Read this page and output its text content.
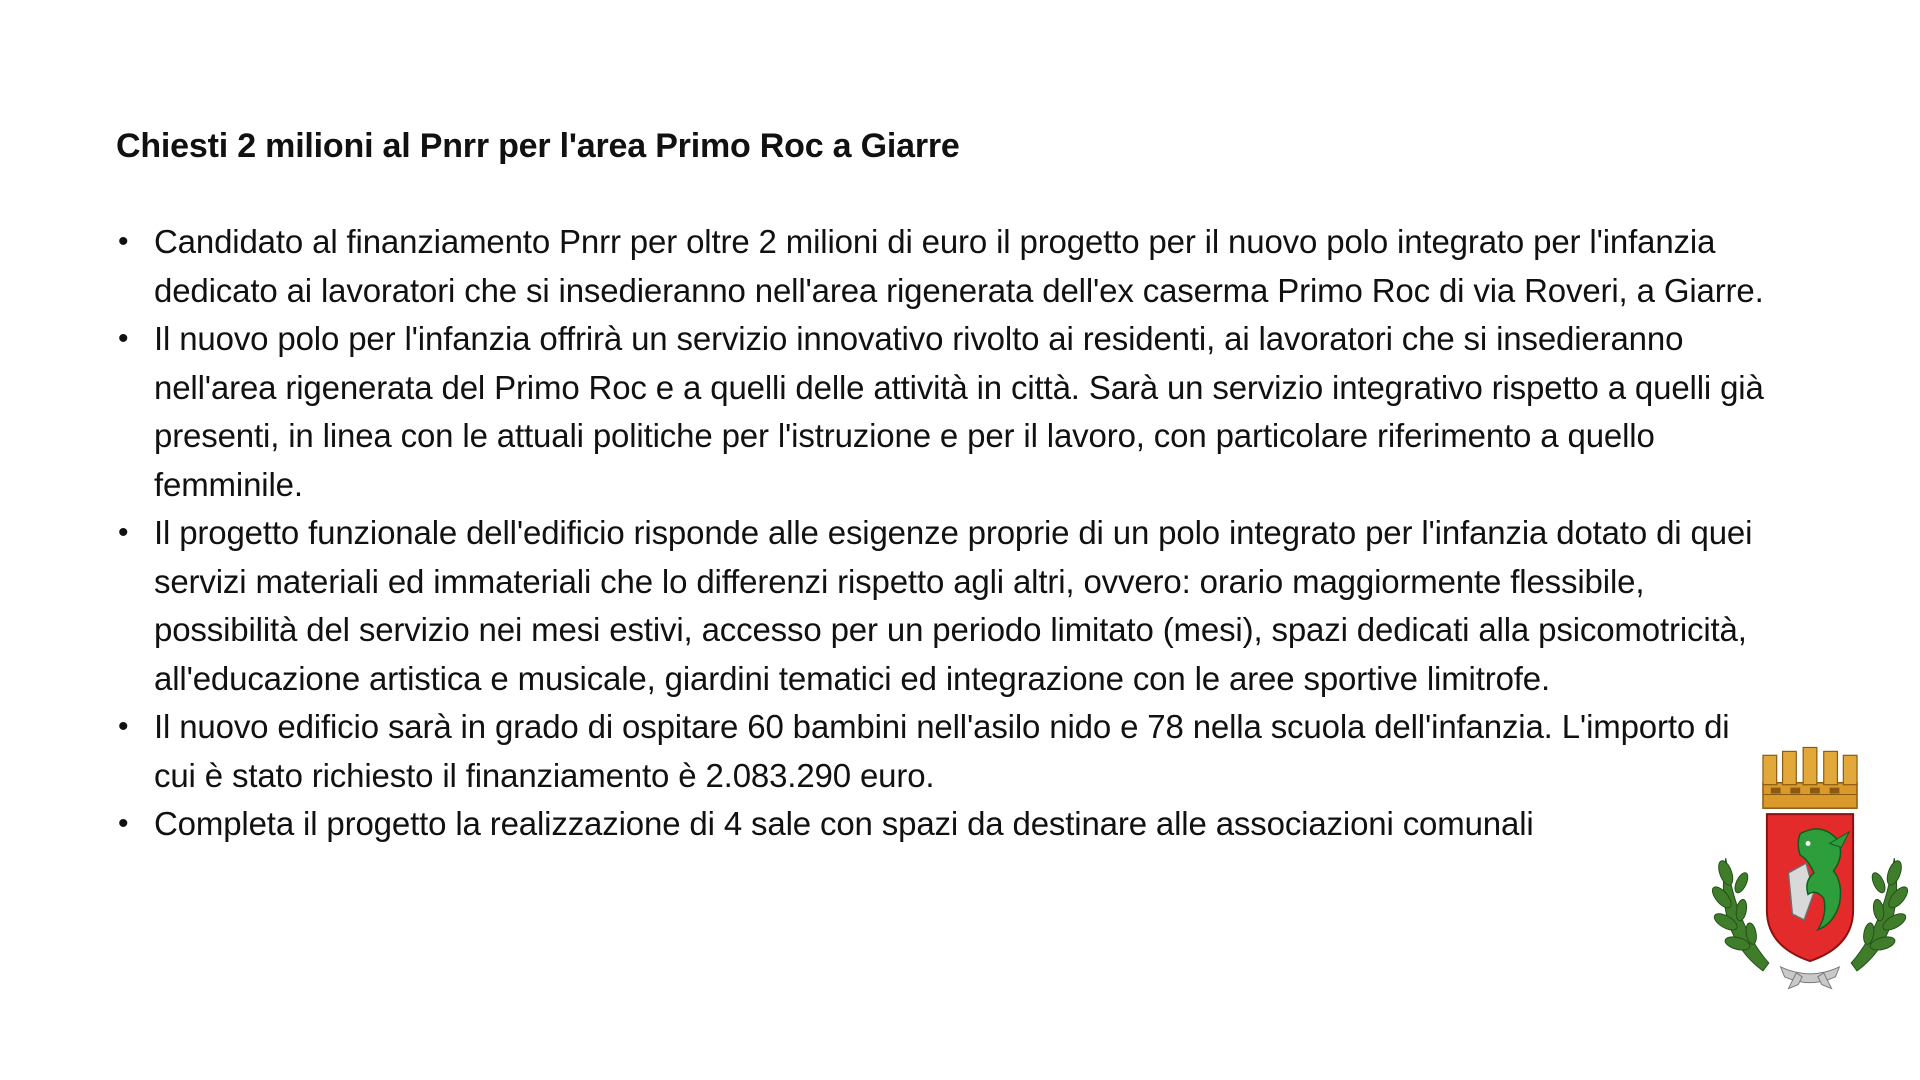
Chiesti 2 milioni al Pnrr per l'area Primo Roc a Giarre
• Candidato al finanziamento Pnrr per oltre 2 milioni di euro il progetto per il nuovo polo integrato per l'infanzia dedicato ai lavoratori che si insedieranno nell'area rigenerata dell'ex caserma Primo Roc di via Roveri, a Giarre.
• Il nuovo polo per l'infanzia offrirà un servizio innovativo rivolto ai residenti, ai lavoratori che si insedieranno nell'area rigenerata del Primo Roc e a quelli delle attività in città. Sarà un servizio integrativo rispetto a quelli già presenti, in linea con le attuali politiche per l'istruzione e per il lavoro, con particolare riferimento a quello femminile.
• Il progetto funzionale dell'edificio risponde alle esigenze proprie di un polo integrato per l'infanzia dotato di quei servizi materiali ed immateriali che lo differenzi rispetto agli altri, ovvero: orario maggiormente flessibile, possibilità del servizio nei mesi estivi, accesso per un periodo limitato (mesi), spazi dedicati alla psicomotricità, all'educazione artistica e musicale, giardini tematici ed integrazione con le aree sportive limitrofe.
• Il nuovo edificio sarà in grado di ospitare 60 bambini nell'asilo nido e 78 nella scuola dell'infanzia. L'importo di cui è stato richiesto il finanziamento è 2.083.290 euro.
• Completa il progetto la realizzazione di 4 sale con spazi da destinare alle associazioni comunali
